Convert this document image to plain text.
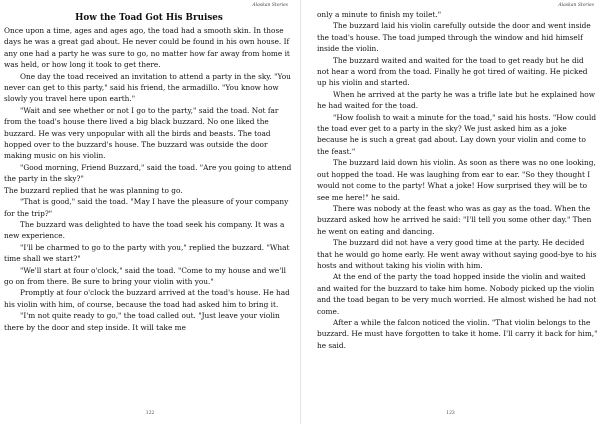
Alaskan Stories
How the Toad Got His Bruises

Once upon a time, ages and ages ago, the toad had a smooth skin. In those days he was a great gad about. He never could be found in his own house. If any one had a party he was sure to go, no matter how far away from home it was held, or how long it took to get there.

One day the toad received an invitation to attend a party in the sky. "You never can get to this party," said his friend, the armadillo. "You know how slowly you travel here upon earth."

"Wait and see whether or not I go to the party," said the toad. Not far from the toad's house there lived a big black buzzard. No one liked the buzzard. He was very unpopular with all the birds and beasts. The toad hopped over to the buzzard's house. The buzzard was outside the door making music on his violin.

"Good morning, Friend Buzzard," said the toad. "Are you going to attend the party in the sky?"

The buzzard replied that he was planning to go.

"That is good," said the toad. "May I have the pleasure of your company for the trip?"

The buzzard was delighted to have the toad seek his company. It was a new experience.

"I'll be charmed to go to the party with you," replied the buzzard. "What time shall we start?"

"We'll start at four o'clock," said the toad. "Come to my house and we'll go on from there. Be sure to bring your violin with you."

Promptly at four o'clock the buzzard arrived at the toad's house. He had his violin with him, of course, because the toad had asked him to bring it.

"I'm not quite ready to go," the toad called out. "Just leave your violin there by the door and step inside. It will take me

122
Alaskan Stories

only a minute to finish my toilet."

The buzzard laid his violin carefully outside the door and went inside the toad's house. The toad jumped through the window and hid himself inside the violin.

The buzzard waited and waited for the toad to get ready but he did not hear a word from the toad. Finally he got tired of waiting. He picked up his violin and started.

When he arrived at the party he was a trifle late but he explained how he had waited for the toad.

"How foolish to wait a minute for the toad," said his hosts. "How could the toad ever get to a party in the sky? We just asked him as a joke because he is such a great gad about. Lay down your violin and come to the feast."

The buzzard laid down his violin. As soon as there was no one looking, out hopped the toad. He was laughing from ear to ear. "So they thought I would not come to the party! What a joke! How surprised they will be to see me here!" he said.

There was nobody at the feast who was as gay as the toad. When the buzzard asked how he arrived he said: "I'll tell you some other day." Then he went on eating and dancing.

The buzzard did not have a very good time at the party. He decided that he would go home early. He went away without saying good-bye to his hosts and without taking his violin with him.

At the end of the party the toad hopped inside the violin and waited and waited for the buzzard to take him home. Nobody picked up the violin and the toad began to be very much worried. He almost wished he had not come.

After a while the falcon noticed the violin. "That violin belongs to the buzzard. He must have forgotten to take it home. I'll carry it back for him," he said.

123
